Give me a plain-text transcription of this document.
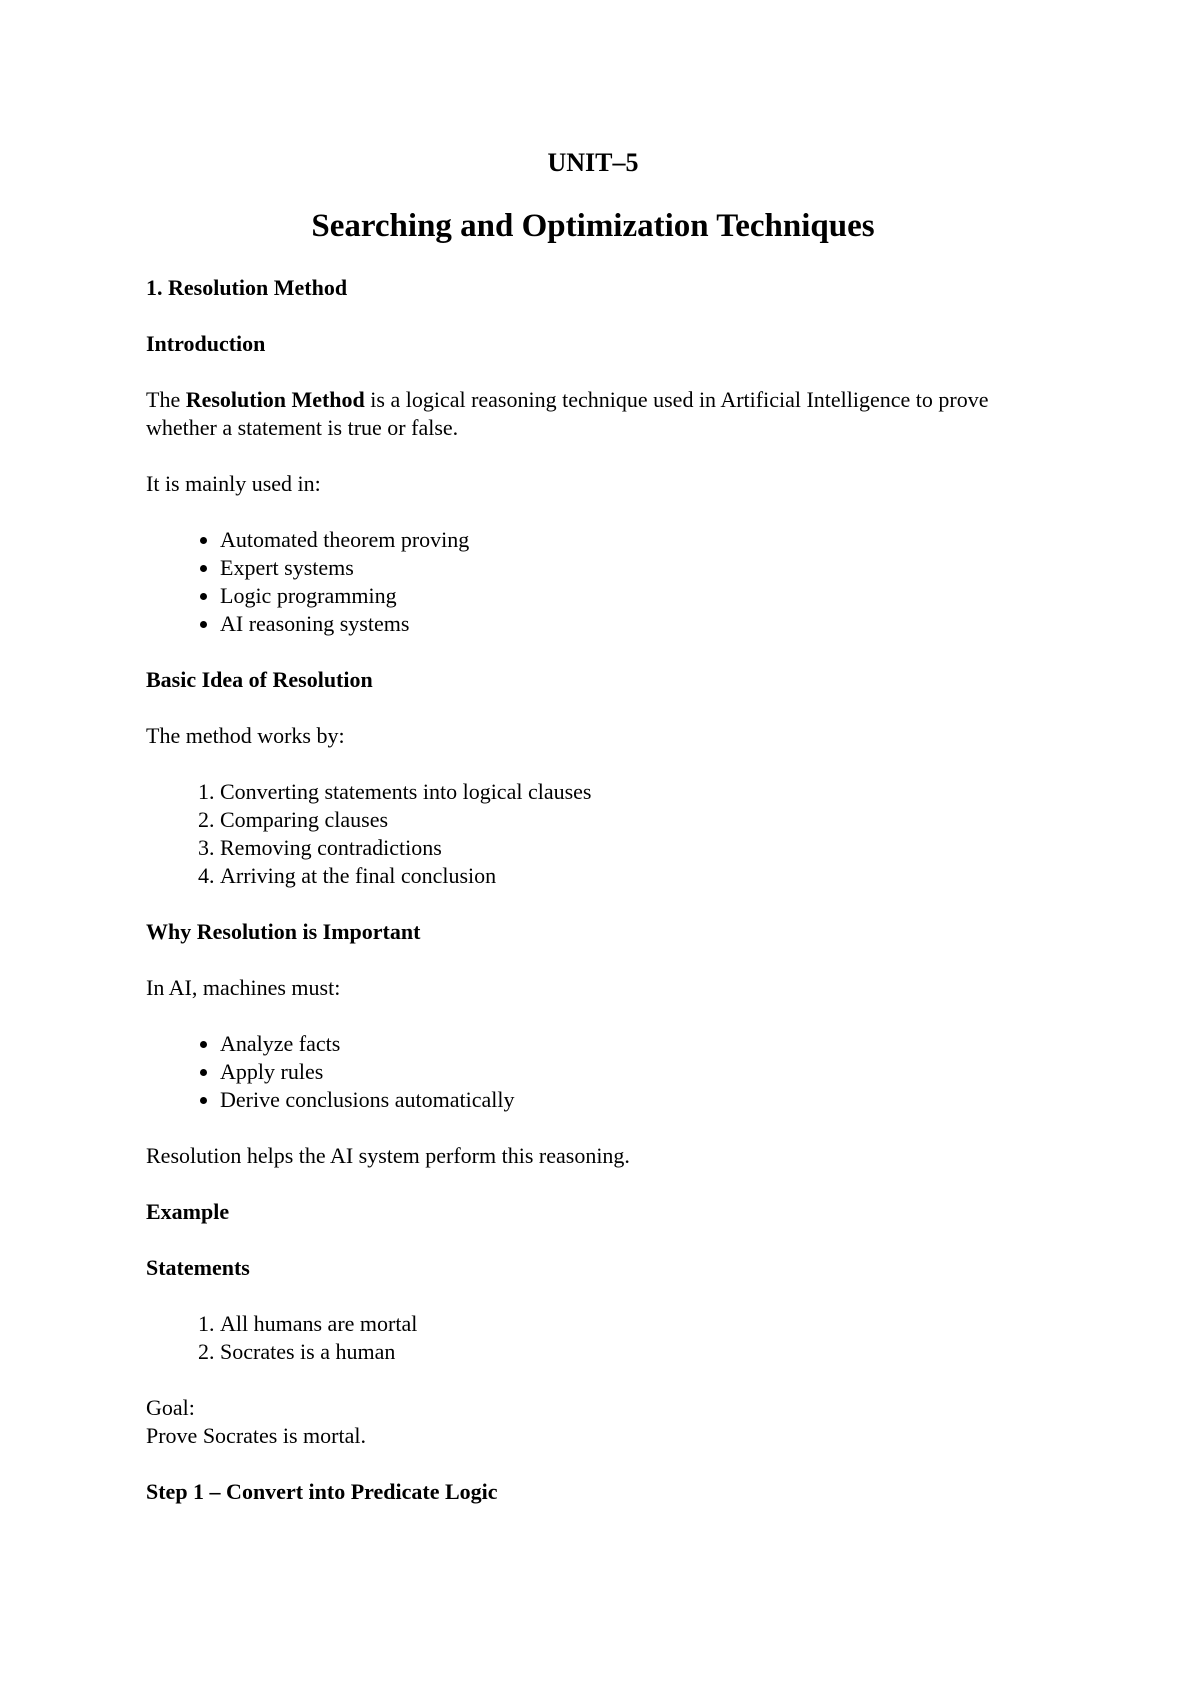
UNIT–5
Searching and Optimization Techniques
1. Resolution Method
Introduction

The Resolution Method is a logical reasoning technique used in Artificial Intelligence to prove whether a statement is true or false.

It is mainly used in:

• Automated theorem proving
• Expert systems
• Logic programming
• AI reasoning systems
Basic Idea of Resolution

The method works by:

1. Converting statements into logical clauses
2. Comparing clauses
3. Removing contradictions
4. Arriving at the final conclusion
Why Resolution is Important

In AI, machines must:

• Analyze facts
• Apply rules
• Derive conclusions automatically

Resolution helps the AI system perform this reasoning.

Example
Statements
1. All humans are mortal
2. Socrates is a human

Goal:

Prove Socrates is mortal.

Step 1 – Convert into Predicate Logic
